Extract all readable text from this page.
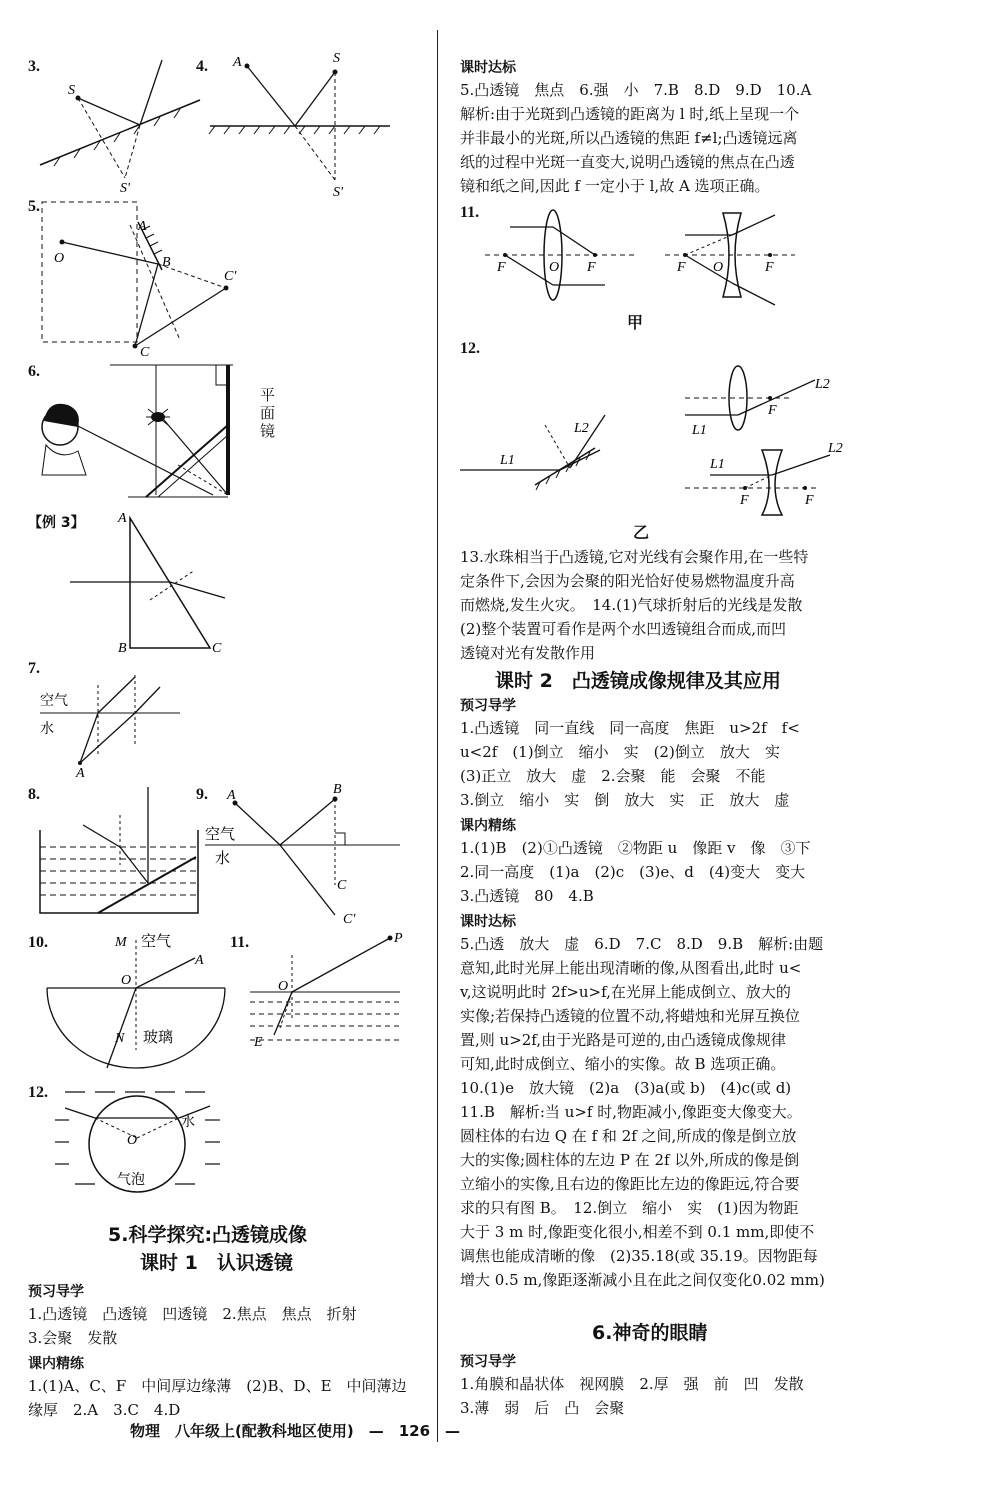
3.
S
S'
4. A	S
S'
5.
O
A
B
C
C'
6.
平面镜
【例 3】 A
B	C
7.
空气
水
A
8.	9. A	B
C
C'
空气
水
10.	M 空气
O
A
N 玻璃
11.	P
O
E
12.
水
O
气泡
5.科学探究:凸透镜成像
课时 1　认识透镜
预习导学
1.凸透镜　凸透镜　凹透镜　2.焦点　焦点　折射
3.会聚　发散
课内精练
1.(1)A、C、F　中间厚边缘薄　(2)B、D、E　中间薄边
缘厚　2.A　3.C　4.D
课时达标
5.凸透镜　焦点　6.强　小　7.B　8.D　9.D　10.A
解析:由于光斑到凸透镜的距离为 l 时,纸上呈现一个
并非最小的光斑,所以凸透镜的焦距 f≠l;凸透镜远离
纸的过程中光斑一直变大,说明凸透镜的焦点在凸透
镜和纸之间,因此 f 一定小于 l,故 A 选项正确。
11.
F	O F	F O	F
甲
12.
L1
L2
F
L1
L2
F	F
L1
L2
乙
13.水珠相当于凸透镜,它对光线有会聚作用,在一些特
定条件下,会因为会聚的阳光恰好使易燃物温度升高
而燃烧,发生火灾。　14.(1)气球折射后的光线是发散
(2)整个装置可看作是两个水凹透镜组合而成,而凹
透镜对光有发散作用
课时 2　凸透镜成像规律及其应用
预习导学
1.凸透镜　同一直线　同一高度　焦距　u>2f　f<
u<2f　(1)倒立　缩小　实　(2)倒立　放大　实
(3)正立　放大　虚　2.会聚　能　会聚　不能
3.倒立　缩小　实　倒　放大　实　正　放大　虚
课内精练
1.(1)B　(2)①凸透镜　②物距 u　像距 v　像　③下
2.同一高度　(1)a　(2)c　(3)e、d　(4)变大　变大
3.凸透镜　80　4.B
课时达标
5.凸透　放大　虚　6.D　7.C　8.D　9.B　解析:由题
意知,此时光屏上能出现清晰的像,从图看出,此时 u<
v,这说明此时 2f>u>f,在光屏上能成倒立、放大的
实像;若保持凸透镜的位置不动,将蜡烛和光屏互换位
置,则 u>2f,由于光路是可逆的,由凸透镜成像规律
可知,此时成倒立、缩小的实像。故 B 选项正确。
10.(1)e　放大镜　(2)a　(3)a(或 b)　(4)c(或 d)
11.B　解析:当 u>f 时,物距减小,像距变大像变大。
圆柱体的右边 Q 在 f 和 2f 之间,所成的像是倒立放
大的实像;圆柱体的左边 P 在 2f 以外,所成的像是倒
立缩小的实像,且右边的像距比左边的像距远,符合要
求的只有图 B。　12.倒立　缩小　实　(1)因为物距
大于 3 m 时,像距变化很小,相差不到 0.1 mm,即使不
调焦也能成清晰的像　(2)35.18(或 35.19。因物距每
增大 0.5 m,像距逐渐减小且在此之间仅变化0.02 mm)
6.神奇的眼睛
预习导学
1.角膜和晶状体　视网膜　2.厚　强　前　凹　发散
3.薄　弱　后　凸　会聚
物理　八年级上(配教科地区使用)　—　126　—
